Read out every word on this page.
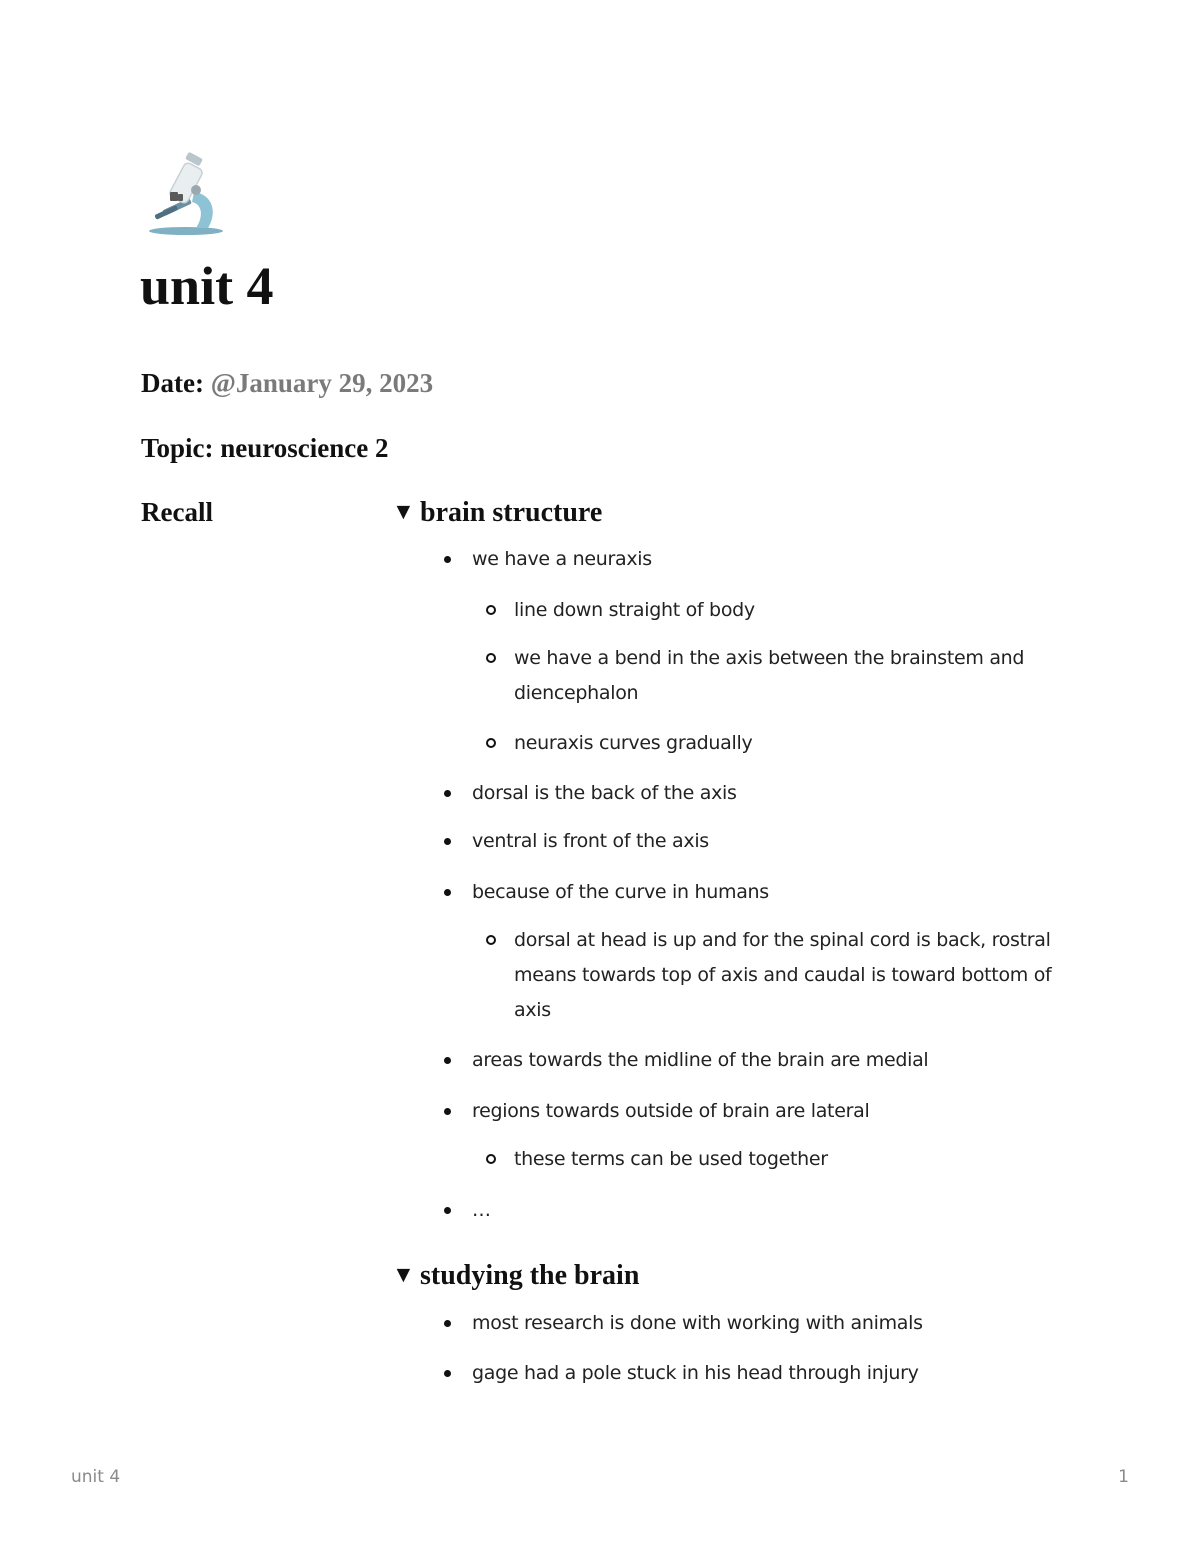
unit 4
Date: @January 29, 2023
Topic: neuroscience 2
Recall	▼ brain structure
we have a neuraxis
line down straight of body
we have a bend in the axis between the brainstem and diencephalon
neuraxis curves gradually
dorsal is the back of the axis
ventral is front of the axis
because of the curve in humans
dorsal at head is up and for the spinal cord is back, rostral means towards top of axis and caudal is toward bottom of axis
areas towards the midline of the brain are medial
regions towards outside of brain are lateral
these terms can be used together
…
▼ studying the brain
most research is done with working with animals
gage had a pole stuck in his head through injury
unit 4	1
